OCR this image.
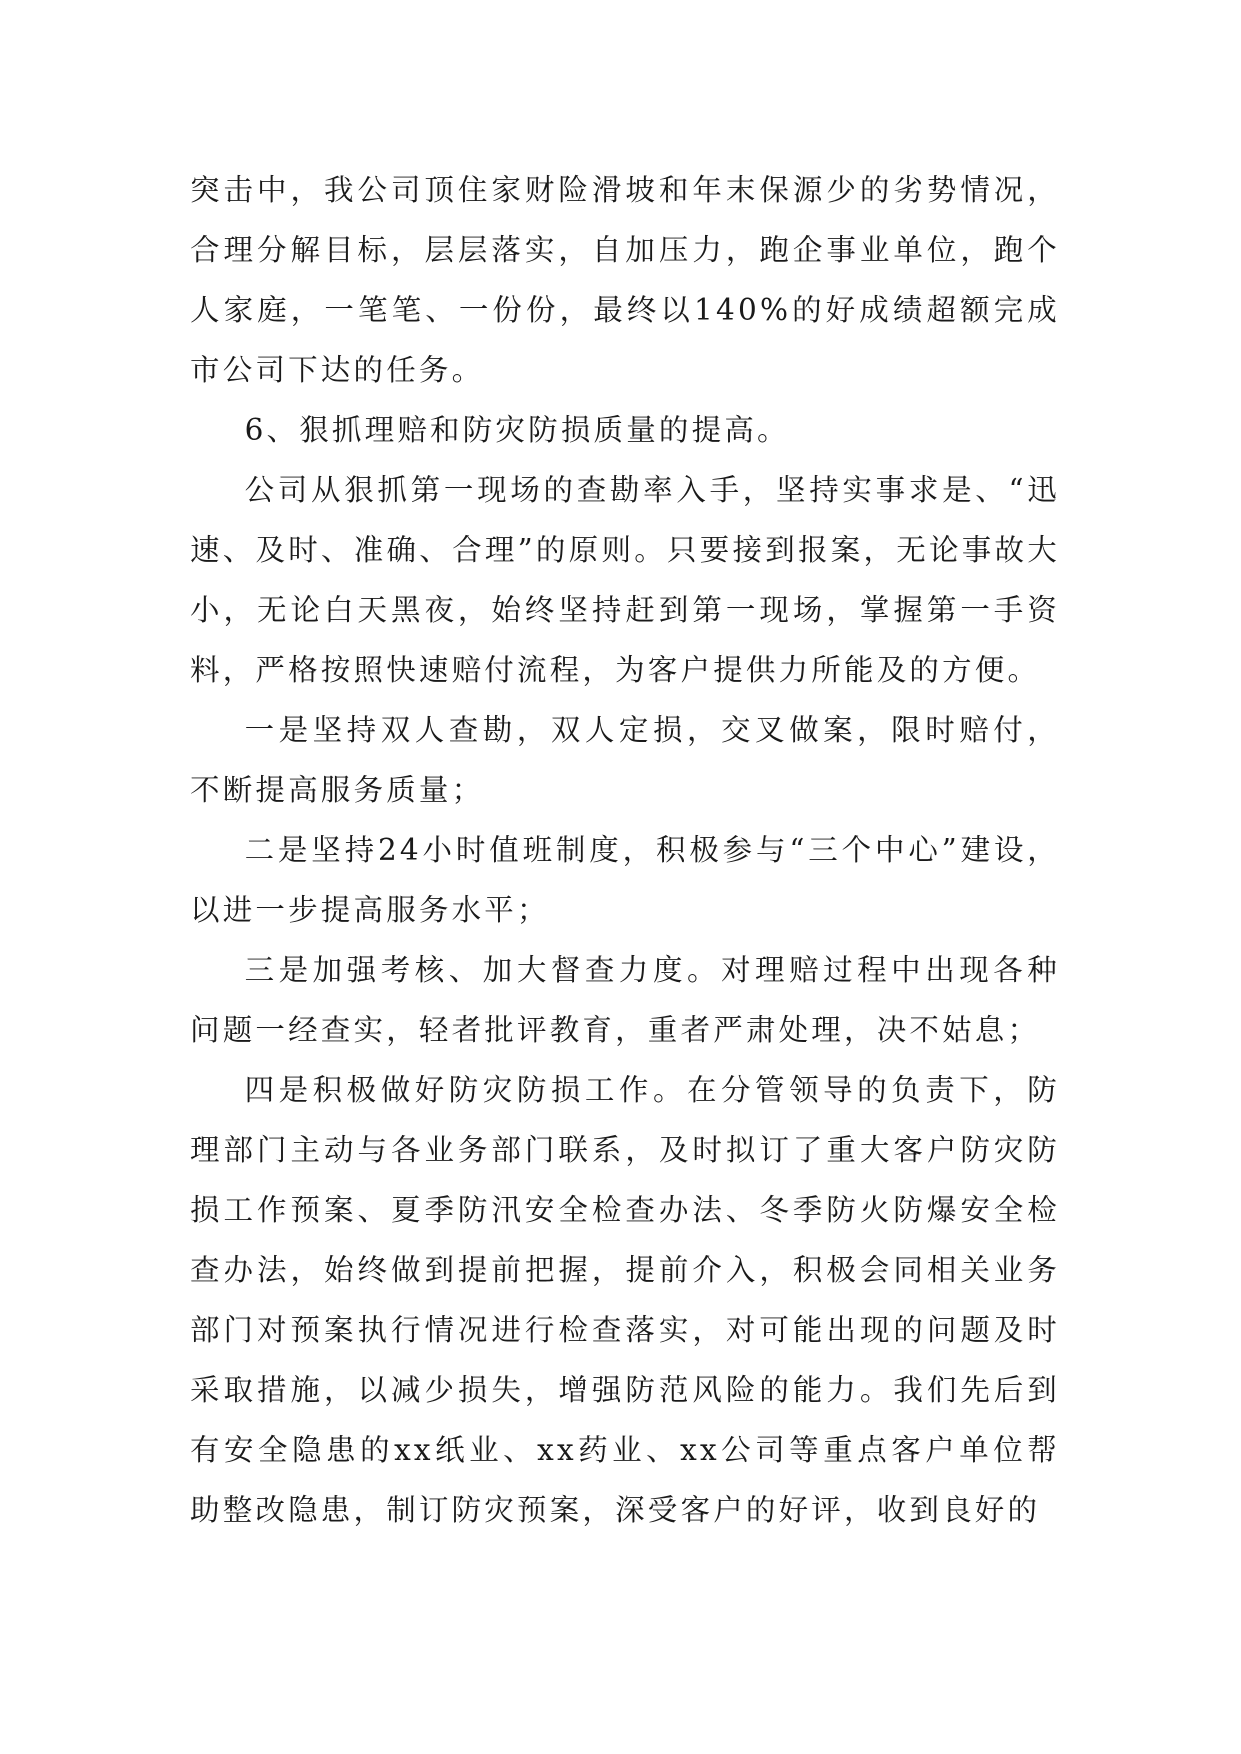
突击中，我公司顶住家财险滑坡和年末保源少的劣势情况，合理分解目标，层层落实，自加压力，跑企事业单位，跑个人家庭，一笔笔、一份份，最终以140%的好成绩超额完成市公司下达的任务。

6、狠抓理赔和防灾防损质量的提高。

公司从狠抓第一现场的查勘率入手，坚持实事求是、“迅速、及时、准确、合理”的原则。只要接到报案，无论事故大小，无论白天黑夜，始终坚持赶到第一现场，掌握第一手资料，严格按照快速赔付流程，为客户提供力所能及的方便。

一是坚持双人查勘，双人定损，交叉做案，限时赔付，不断提高服务质量；

二是坚持24小时值班制度，积极参与“三个中心”建设，以进一步提高服务水平；

三是加强考核、加大督查力度。对理赔过程中出现各种问题一经查实，轻者批评教育，重者严肃处理，决不姑息；

四是积极做好防灾防损工作。在分管领导的负责下，防理部门主动与各业务部门联系，及时拟订了重大客户防灾防损工作预案、夏季防汛安全检查办法、冬季防火防爆安全检查办法，始终做到提前把握，提前介入，积极会同相关业务部门对预案执行情况进行检查落实，对可能出现的问题及时采取措施，以减少损失，增强防范风险的能力。我们先后到有安全隐患的xx纸业、xx药业、xx公司等重点客户单位帮助整改隐患，制订防灾预案，深受客户的好评，收到良好的
